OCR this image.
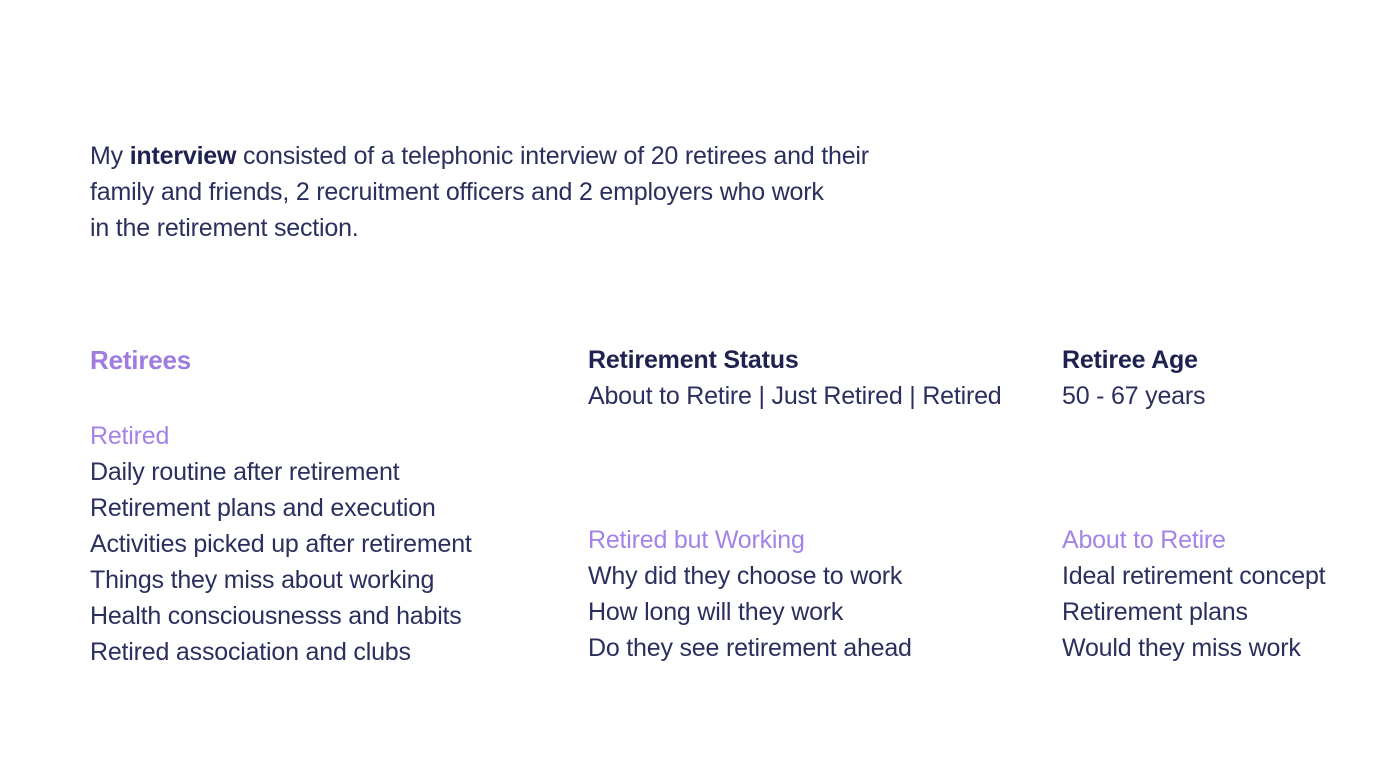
My interview consisted of a telephonic interview of 20 retirees and their
family and friends, 2 recruitment officers and 2 employers who work
in the retirement section.
Retirees
Retired
Daily routine after retirement
Retirement plans and execution
Activities picked up after retirement
Things they miss about working
Health consciousnesss and habits
Retired association and clubs
Retirement Status
About to Retire | Just Retired | Retired
Retired but Working
Why did they choose to work
How long will they work
Do they see retirement ahead
Retiree Age
50 - 67 years
About to Retire
Ideal retirement concept
Retirement plans
Would they miss work
